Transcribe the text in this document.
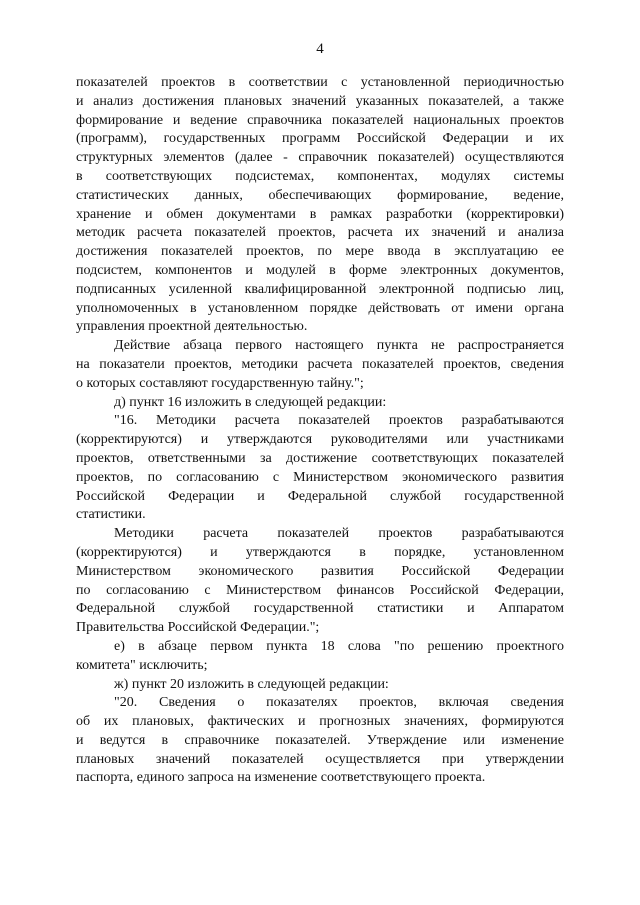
4

показателей проектов в соответствии с установленной периодичностью
и анализ достижения плановых значений указанных показателей, а также
формирование и ведение справочника показателей национальных проектов
(программ), государственных программ Российской Федерации и их
структурных элементов (далее - справочник показателей) осуществляются
в соответствующих подсистемах, компонентах, модулях системы
статистических данных, обеспечивающих формирование, ведение,
хранение и обмен документами в рамках разработки (корректировки)
методик расчета показателей проектов, расчета их значений и анализа
достижения показателей проектов, по мере ввода в эксплуатацию ее
подсистем, компонентов и модулей в форме электронных документов,
подписанных усиленной квалифицированной электронной подписью лиц,
уполномоченных в установленном порядке действовать от имени органа
управления проектной деятельностью.

Действие абзаца первого настоящего пункта не распространяется
на показатели проектов, методики расчета показателей проектов, сведения
о которых составляют государственную тайну.";

д) пункт 16 изложить в следующей редакции:

"16. Методики расчета показателей проектов разрабатываются
(корректируются) и утверждаются руководителями или участниками
проектов, ответственными за достижение соответствующих показателей
проектов, по согласованию с Министерством экономического развития
Российской Федерации и Федеральной службой государственной
статистики.

Методики расчета показателей проектов разрабатываются
(корректируются) и утверждаются в порядке, установленном
Министерством экономического развития Российской Федерации
по согласованию с Министерством финансов Российской Федерации,
Федеральной службой государственной статистики и Аппаратом
Правительства Российской Федерации.";

е) в абзаце первом пункта 18 слова "по решению проектного
комитета" исключить;

ж) пункт 20 изложить в следующей редакции:

"20. Сведения о показателях проектов, включая сведения
об их плановых, фактических и прогнозных значениях, формируются
и ведутся в справочнике показателей. Утверждение или изменение
плановых значений показателей осуществляется при утверждении
паспорта, единого запроса на изменение соответствующего проекта.
